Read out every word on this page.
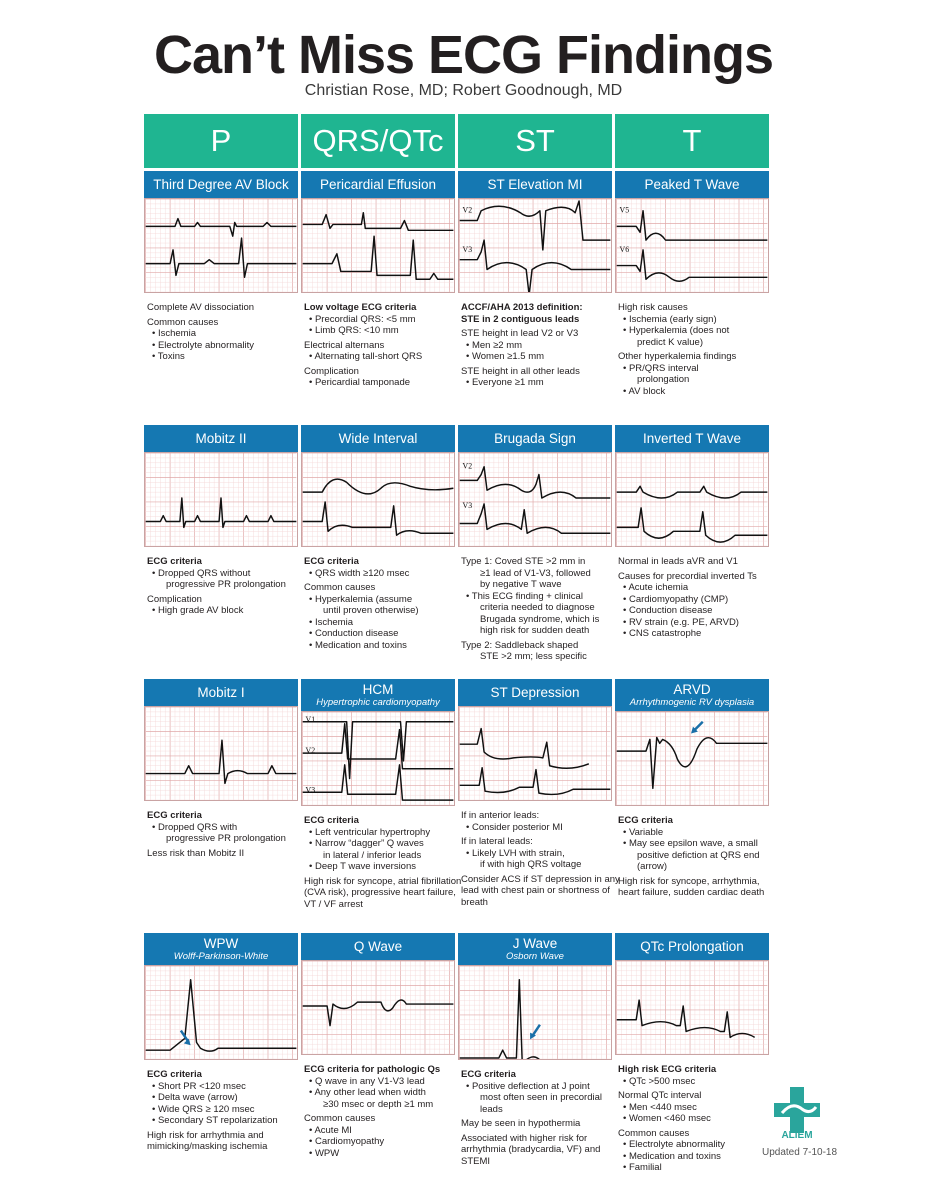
Can’t Miss ECG Findings
Christian Rose, MD; Robert Goodnough, MD
P	QRS/QTc	ST	T
Third Degree AV Block
Complete AV dissociation
Common causes
• Ischemia
• Electrolyte abnormality
• Toxins
Pericardial Effusion
Low voltage ECG criteria
• Precordial QRS: <5 mm
• Limb QRS: <10 mm
Electrical alternans
• Alternating tall-short QRS
Complication
• Pericardial tamponade
ST Elevation MI
V2
V3
ACCF/AHA 2013 definition:
STE in 2 contiguous leads
STE height in lead V2 or V3
• Men ≥2 mm
• Women ≥1.5 mm
STE height in all other leads
• Everyone ≥1 mm
Peaked T Wave
V5
V6
High risk causes
• Ischemia (early sign)
• Hyperkalemia (does not
predict K value)
Other hyperkalemia findings
• PR/QRS interval
prolongation
• AV block
Mobitz II
ECG criteria
• Dropped QRS without
progressive PR prolongation
Complication
• High grade AV block
Wide Interval
ECG criteria
• QRS width ≥120 msec
Common causes
• Hyperkalemia (assume
until proven otherwise)
• Ischemia
• Conduction disease
• Medication and toxins
Brugada Sign
V2
V3
Type 1: Coved STE >2 mm in
≥1 lead of V1-V3, followed
by negative T wave
• This ECG finding + clinical
criteria needed to diagnose
Brugada syndrome, which is
high risk for sudden death
Type 2: Saddleback shaped
STE >2 mm; less specific
Inverted T Wave
Normal in leads aVR and V1
Causes for precordial inverted Ts
• Acute ichemia
• Cardiomyopathy (CMP)
• Conduction disease
• RV strain (e.g. PE, ARVD)
• CNS catastrophe
Mobitz I
ECG criteria
• Dropped QRS with
progressive PR prolongation
Less risk than Mobitz II
HCM
Hypertrophic cardiomyopathy
V1
V2
V3
ECG criteria
• Left ventricular hypertrophy
• Narrow “dagger” Q waves
in lateral / inferior leads
• Deep T wave inversions
High risk for syncope, atrial fibrillation (CVA risk), progressive heart failure, VT / VF arrest
ST Depression
If in anterior leads:
• Consider posterior MI
If in lateral leads:
• Likely LVH with strain,
if with high QRS voltage
Consider ACS if ST depression in any lead with chest pain or shortness of breath
ARVD
Arrhythmogenic RV dysplasia
ECG criteria
• Variable
• May see epsilon wave, a small
positive defiction at QRS end
(arrow)
High risk for syncope, arrhythmia, heart failure, sudden cardiac death
WPW
Wolff-Parkinson-White
ECG criteria
• Short PR <120 msec
• Delta wave (arrow)
• Wide QRS ≥ 120 msec
• Secondary ST repolarization
High risk for arrhythmia and mimicking/masking ischemia
Q Wave
ECG criteria for pathologic Qs
• Q wave in any V1-V3 lead
• Any other lead when width
≥30 msec or depth ≥1 mm
Common causes
• Acute MI
• Cardiomyopathy
• WPW
J Wave
Osborn Wave
ECG criteria
• Positive deflection at J point
most often seen in precordial
leads
May be seen in hypothermia
Associated with higher risk for arrhythmia (bradycardia, VF) and STEMI
QTc Prolongation
High risk ECG criteria
• QTc >500 msec
Normal QTc interval
• Men <440 msec
• Women <460 msec
Common causes
• Electrolyte abnormality
• Medication and toxins
• Familial
ALiEM
Updated 7-10-18
